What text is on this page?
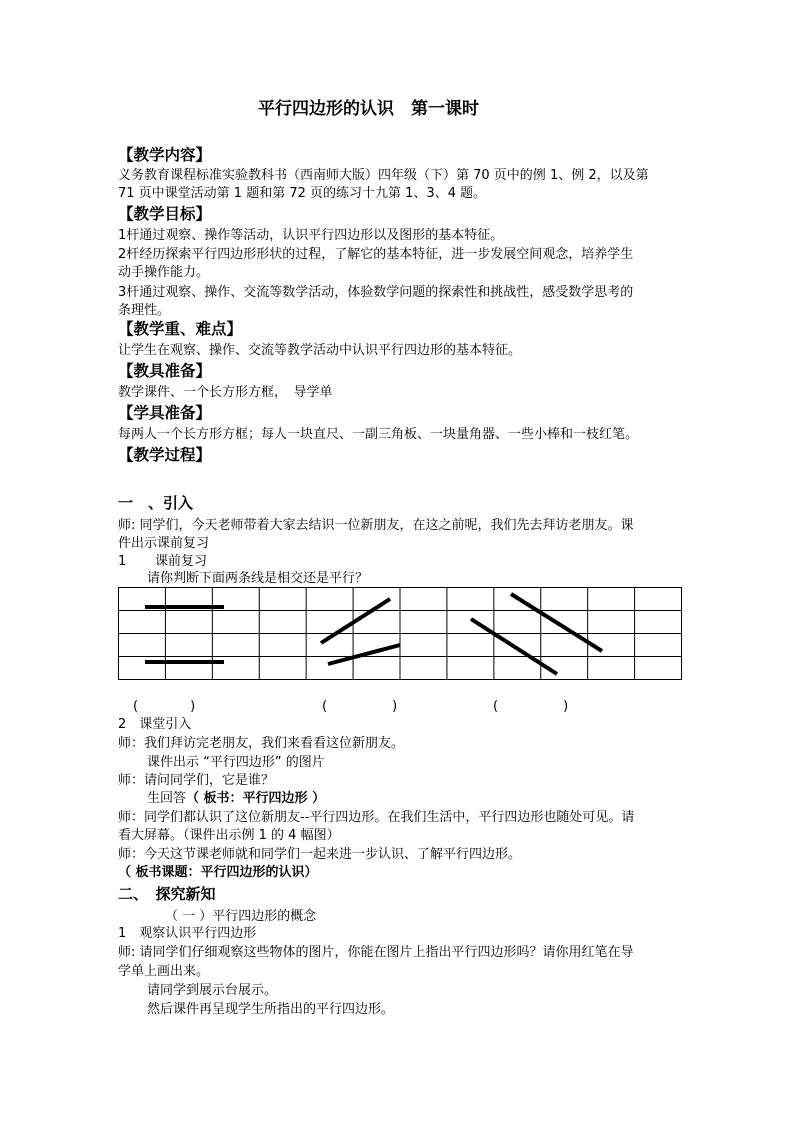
平行四边形的认识　第一课时
【教学内容】
义务教育课程标准实验教科书（西南师大版）四年级（下）第 70 页中的例 1、例 2，以及第
71 页中课堂活动第 1 题和第 72 页的练习十九第 1、3、4 题。
【教学目标】
1杆通过观察、操作等活动，认识平行四边形以及图形的基本特征。
2杆经历探索平行四边形形状的过程，了解它的基本特征，进一步发展空间观念，培养学生
动手操作能力。
3杆通过观察、操作、交流等数学活动，体验数学问题的探索性和挑战性，感受数学思考的
条理性。
【教学重、难点】
让学生在观察、操作、交流等教学活动中认识平行四边形的基本特征。
【教具准备】
教学课件、一个长方形方框，　导学单
【学具准备】
每两人一个长方形方框；每人一块直尺、一副三角板、一块量角器、一些小棒和一枝红笔。
【教学过程】
一　、引入
师: 同学们，今天老师带着大家去结识一位新朋友，在这之前呢，我们先去拜访老朋友。课
件出示课前复习
1 课前复习
请你判断下面两条线是相交还是平行？
(　　　　)	(　　　　　)	(　　　　　)
2　课堂引入
师：我们拜访完老朋友，我们来看看这位新朋友。
课件出示 “平行四边形” 的图片
师：请问同学们，它是谁？
生回答（ 板书：平行四边形 ）
师：同学们都认识了这位新朋友--平行四边形。在我们生活中，平行四边形也随处可见。请
看大屏幕。（课件出示例 1 的 4 幅图）
师：今天这节课老师就和同学们一起来进一步认识、了解平行四边形。
（ 板书课题：平行四边形的认识）
二、　探究新知
（ 一 ）平行四边形的概念
1　观察认识平行四边形
师: 请同学们仔细观察这些物体的图片，你能在图片上指出平行四边形吗？请你用红笔在导
学单上画出来。
请同学到展示台展示。
然后课件再呈现学生所指出的平行四边形。
